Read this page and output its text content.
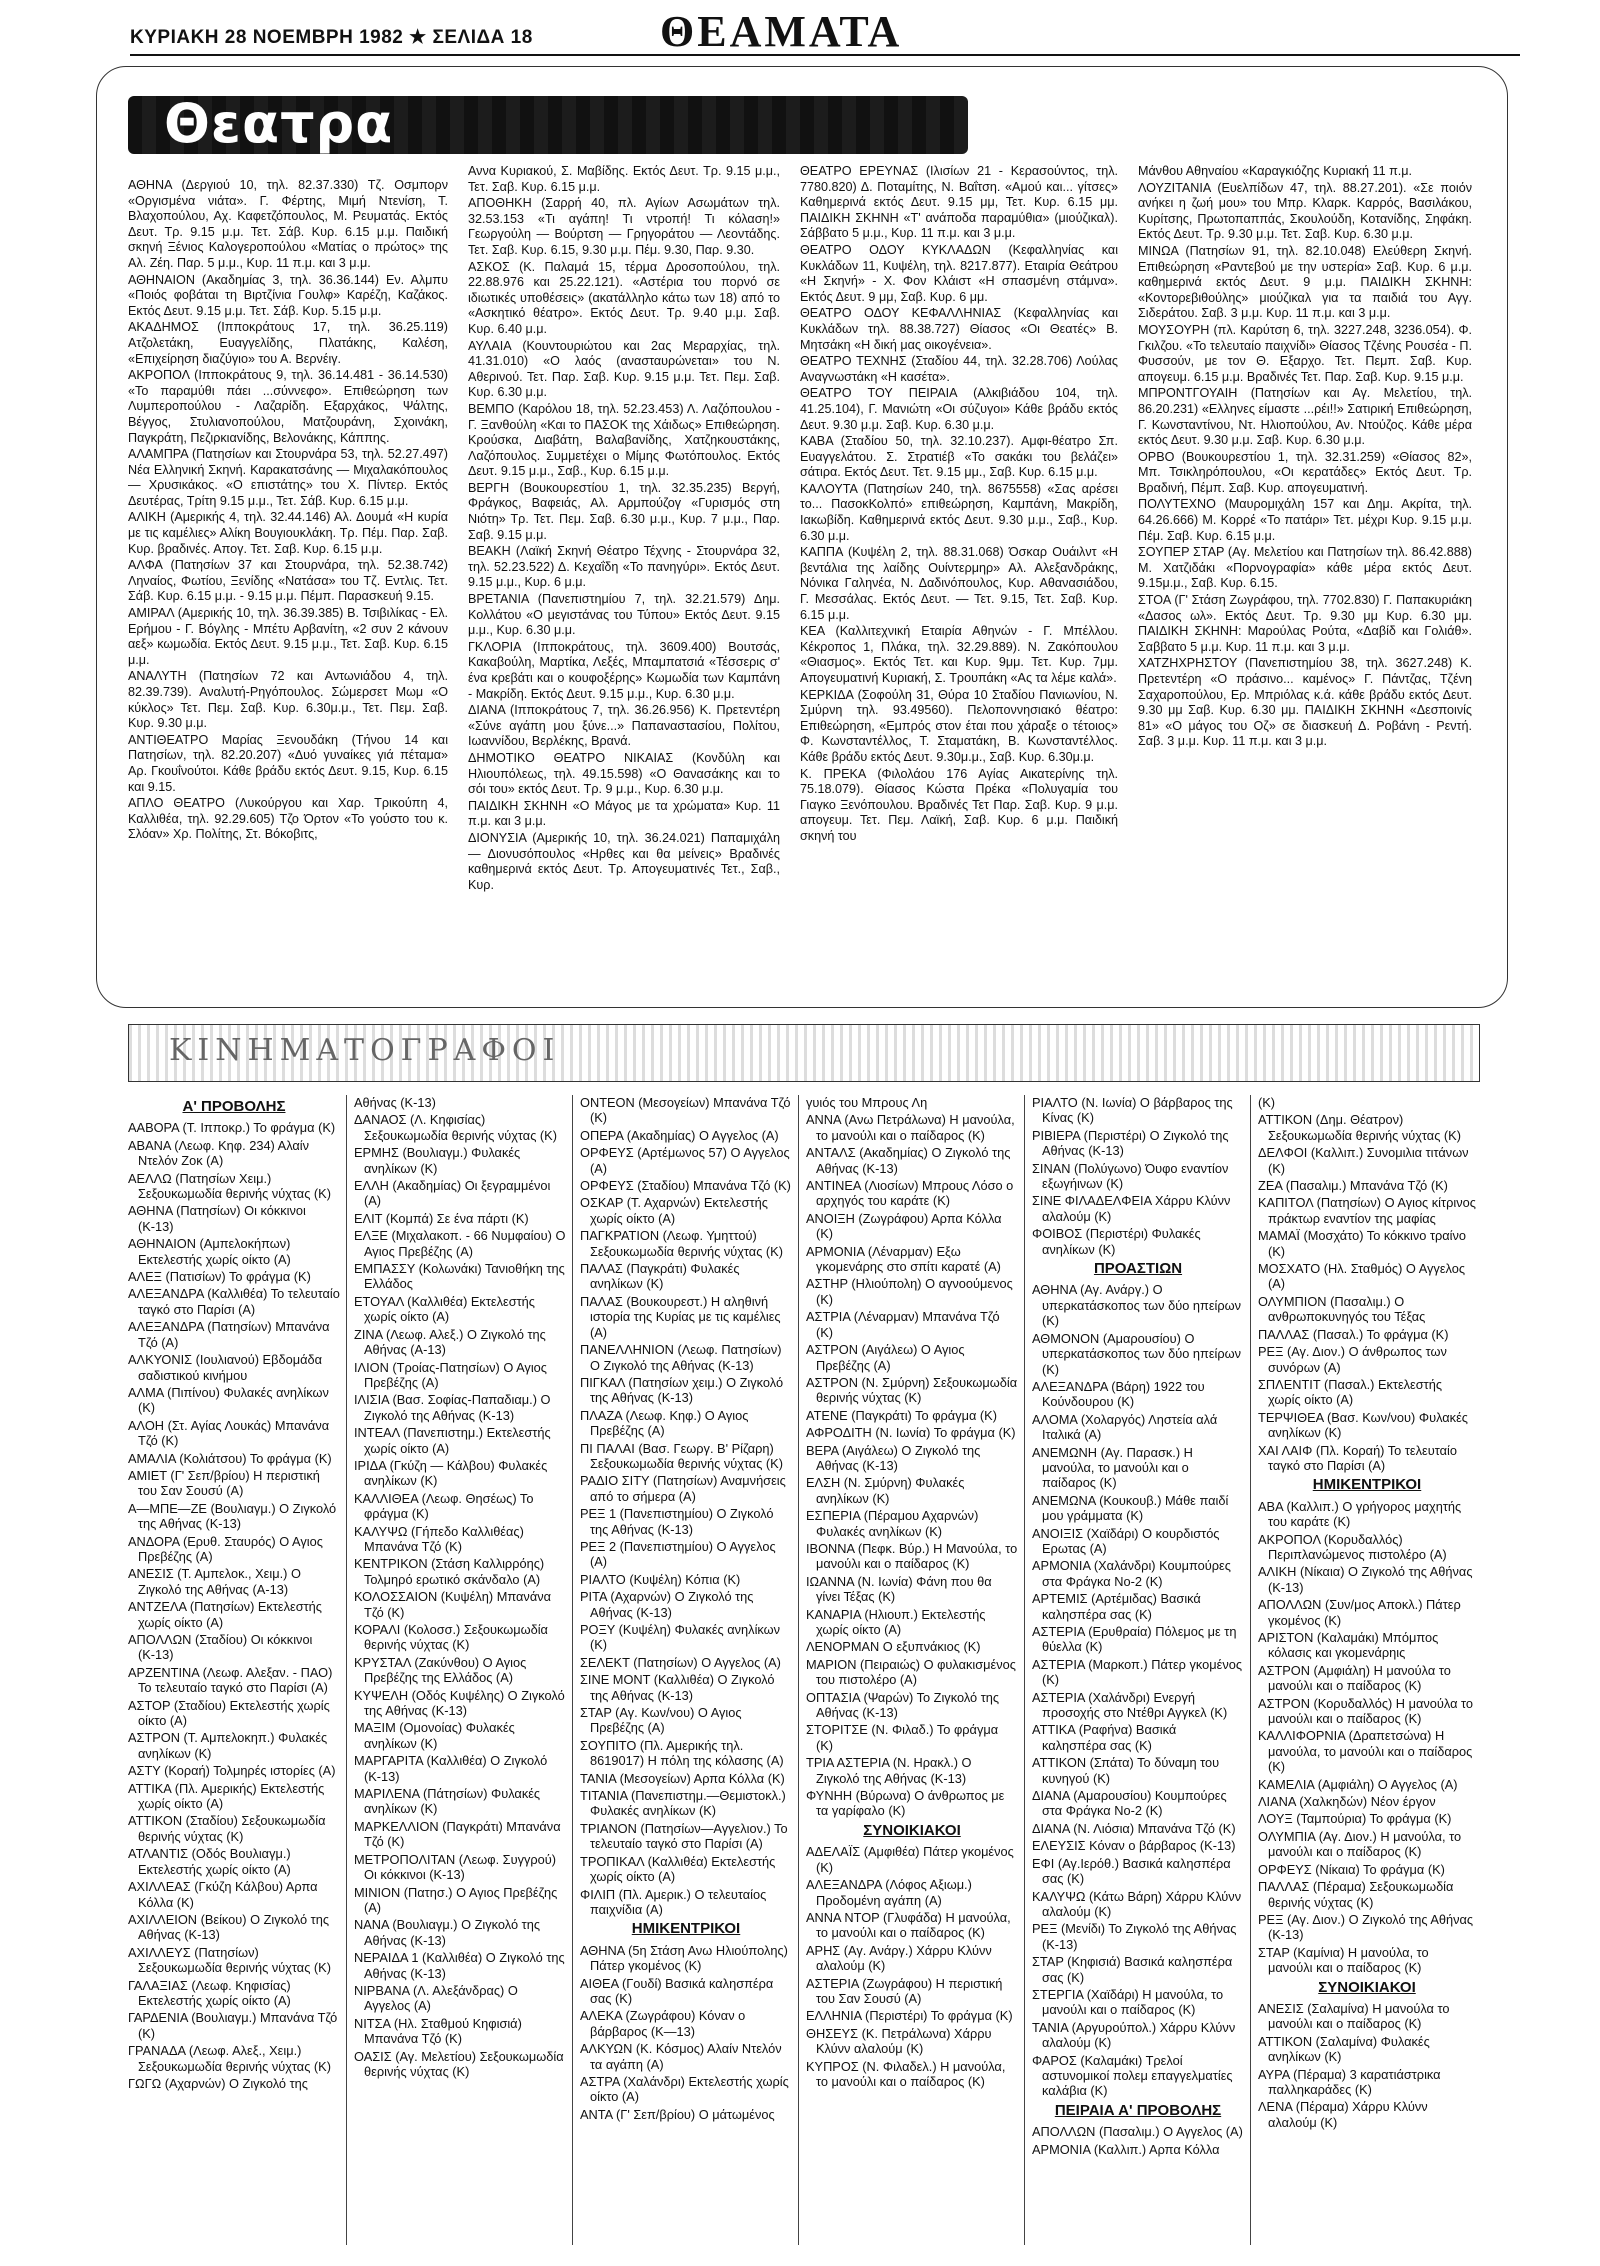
ΚΥΡΙΑΚΗ 28 ΝΟΕΜΒΡΗ 1982 ★ ΣΕΛΙΔΑ 18	ΘΕΑΜΑΤΑ
Θεατρα

ΑΘΗΝΑ (Δεργιού 10, τηλ. 82.37.330) Τζ. Οσμπορν «Οργισμένα νιάτα». Γ. Φέρτης, Μιμή Ντενίση, Τ. Βλαχοπούλου, Αχ. Καφετζόπουλος, Μ. Ρευματάς. Εκτός Δευτ. Τρ. 9.15 μ.μ. Τετ. Σάβ. Κυρ. 6.15 μ.μ. Παιδική σκηνή Ξένιος Καλογεροπούλου «Ματίας ο πρώτος» της Αλ. Ζέη. Παρ. 5 μ.μ., Κυρ. 11 π.μ. και 3 μ.μ.

ΑΘΗΝΑΙΟΝ (Ακαδημίας 3, τηλ. 36.36.144) Εν. Αλμπυ «Ποιός φοβάται τη Βιρτζίνια Γουλφ» Καρέζη, Καζάκος. Εκτός Δευτ. 9.15 μ.μ. Τετ. Σάβ. Κυρ. 5.15 μ.μ.

ΑΚΑΔΗΜΟΣ (Ιπποκράτους 17, τηλ. 36.25.119) Ατζολετάκη, Ευαγγελίδης, Πλατάκης, Καλέση, «Επιχείρηση διαζύγιο» του Α. Βερνέιγ.

ΑΚΡΟΠΟΛ (Ιπποκράτους 9, τηλ. 36.14.481 - 36.14.530) «Το παραμύθι πάει ...σύννεφο». Επιθεώρηση των Λυμπεροπούλου - Λαζαρίδη. Εξαρχάκος, Ψάλτης, Βέγγος, Στυλιανοπούλου, Ματζουράνη, Σχοινάκη, Παγκράτη, Πεζιρκιανίδης, Βελονάκης, Κάππης.

ΑΛΑΜΠΡΑ (Πατησίων και Στουρνάρα 53, τηλ. 52.27.497) Νέα Ελληνική Σκηνή. Καρακατσάνης — Μιχαλακόπουλος — Χρυσικάκος. «Ο επιστάτης» του Χ. Πίντερ. Εκτός Δευτέρας, Τρίτη 9.15 μ.μ., Τετ. Σάβ. Κυρ. 6.15 μ.μ.

ΑΛΙΚΗ (Αμερικής 4, τηλ. 32.44.146) Αλ. Δουμά «Η κυρία με τις καμέλιες» Αλίκη Βουγιουκλάκη. Τρ. Πέμ. Παρ. Σαβ. Κυρ. βραδινές. Απογ. Τετ. Σαβ. Κυρ. 6.15 μ.μ.

ΑΛΦΑ (Πατησίων 37 και Στουρνάρα, τηλ. 52.38.742) Ληναίος, Φωτίου, Ξενίδης «Νατάσα» του Τζ. Εντλις. Τετ. Σάβ. Κυρ. 6.15 μ.μ. - 9.15 μ.μ. Πέμπ. Παρασκευή 9.15.

ΑΜΙΡΑΛ (Αμερικής 10, τηλ. 36.39.385) Β. Τσιβιλίκας - Ελ. Ερήμου - Γ. Βόγλης - Μπέτυ Αρβανίτη, «2 συν 2 κάνουν αεξ» κωμωδία. Εκτός Δευτ. 9.15 μ.μ., Τετ. Σαβ. Κυρ. 6.15 μ.μ.

ΑΝΑΛΥΤΗ (Πατησίων 72 και Αντωνιάδου 4, τηλ. 82.39.739). Αναλυτή-Ρηγόπουλος. Σώμερσετ Μωμ «Ο κύκλος» Τετ. Πεμ. Σαβ. Κυρ. 6.30μ.μ., Τετ. Πεμ. Σαβ. Κυρ. 9.30 μ.μ.

ΑΝΤΙΘΕΑΤΡΟ Μαρίας Ξενουδάκη (Τήνου 14 και Πατησίων, τηλ. 82.20.207) «Δυό γυναίκες γιά πέταμα» Αρ. Γκουΐνούτοι. Κάθε βράδυ εκτός Δευτ. 9.15, Κυρ. 6.15 και 9.15.

ΑΠΛΟ ΘΕΑΤΡΟ (Λυκούργου και Χαρ. Τρικούπη 4, Καλλιθέα, τηλ. 92.29.605) Τζο Όρτον «Το γούστο του κ. Σλόαν» Χρ. Πολίτης, Στ. Βόκοβιτς,

Αννα Κυριακού, Σ. Μαβίδης. Εκτός Δευτ. Τρ. 9.15 μ.μ., Τετ. Σαβ. Κυρ. 6.15 μ.μ.

ΑΠΟΘΗΚΗ (Σαρρή 40, πλ. Αγίων Ασωμάτων τηλ. 32.53.153 «Τι αγάπη! Τι ντροπή! Τι κόλαση!» Γεωργούλη — Βούρτση — Γρηγοράτου — Λεοντάδης. Τετ. Σαβ. Κυρ. 6.15, 9.30 μ.μ. Πέμ. 9.30, Παρ. 9.30.

ΑΣΚΟΣ (Κ. Παλαμά 15, τέρμα Δροσοπούλου, τηλ. 22.88.976 και 25.22.121). «Αστέρια του πορνό σε ιδιωτικές υποθέσεις» (ακατάλληλο κάτω των 18) από το «Ασκητικό θέατρο». Εκτός Δευτ. Τρ. 9.40 μ.μ. Σαβ. Κυρ. 6.40 μ.μ.

ΑΥΛΑΙΑ (Κουντουριώτου και 2ας Μεραρχίας, τηλ. 41.31.010) «Ο λαός (ανασταυρώνεται» του Ν. Αθερινού. Τετ. Παρ. Σαβ. Κυρ. 9.15 μ.μ. Τετ. Πεμ. Σαβ. Κυρ. 6.30 μ.μ.

ΒΕΜΠΟ (Καρόλου 18, τηλ. 52.23.453) Λ. Λαζόπουλου - Γ. Ξανθούλη «Και το ΠΑΣΟΚ της Χάιδως» Επιθεώρηση. Κρούσκα, Διαβάτη, Βαλαβανίδης, Χατζηκουστάκης, Λαζόπουλος. Συμμετέχει ο Μίμης Φωτόπουλος. Εκτός Δευτ. 9.15 μ.μ., Σαβ., Κυρ. 6.15 μ.μ.

ΒΕΡΓΗ (Βουκουρεστίου 1, τηλ. 32.35.235) Βεργή, Φράγκος, Βαφειάς, Αλ. Αρμπούζογ «Γυρισμός στη Νιότη» Τρ. Τετ. Πεμ. Σαβ. 6.30 μ.μ., Κυρ. 7 μ.μ., Παρ. Σαβ. 9.15 μ.μ.

ΒΕΑΚΗ (Λαϊκή Σκηνή Θέατρο Τέχνης - Στουρνάρα 32, τηλ. 52.23.522) Δ. Κεχαΐδη «Το πανηγύρι». Εκτός Δευτ. 9.15 μ.μ., Κυρ. 6 μ.μ.

ΒΡΕΤΑΝΙΑ (Πανεπιστημίου 7, τηλ. 32.21.579) Δημ. Κολλάτου «Ο μεγιστάνας του Τύπου» Εκτός Δευτ. 9.15 μ.μ., Κυρ. 6.30 μ.μ.

ΓΚΛΟΡΙΑ (Ιπποκράτους, τηλ. 3609.400) Βουτσάς, Κακαβούλη, Μαρτίκα, Λεξές, Μπαμπατσιά «Τέσσερις σ' ένα κρεβάτι και ο κουφοξέρης» Κωμωδία των Καμπάνη - Μακρίδη. Εκτός Δευτ. 9.15 μ.μ., Κυρ. 6.30 μ.μ.

ΔΙΑΝΑ (Ιπποκράτους 7, τηλ. 36.26.956) Κ. Πρετεντέρη «Σύνε αγάπη μου ξύνε...» Παπαναστασίου, Πολίτου, Ιωαννίδου, Βερλέκης, Βρανά.

ΔΗΜΟΤΙΚΟ ΘΕΑΤΡΟ ΝΙΚΑΙΑΣ (Κονδύλη και Ηλιουπόλεως, τηλ. 49.15.598) «Ο Θανασάκης και το σόι του» εκτός Δευτ. Τρ. 9 μ.μ., Κυρ. 6.30 μ.μ.

ΠΑΙΔΙΚΗ ΣΚΗΝΗ «Ο Μάγος με τα χρώματα» Κυρ. 11 π.μ. και 3 μ.μ.

ΔΙΟΝΥΣΙΑ (Αμερικής 10, τηλ. 36.24.021) Παπαμιχάλη — Διονυσόπουλος «Ηρθες και θα μείνεις» Βραδινές καθημερινά εκτός Δευτ. Τρ. Απογευματινές Τετ., Σαβ., Κυρ.

ΘΕΑΤΡΟ ΕΡΕΥΝΑΣ (Ιλισίων 21 - Κερασούντος, τηλ. 7780.820) Δ. Ποταμίτης, Ν. Βαΐτση. «Αμού και... γίτσες» Καθημερινά εκτός Δευτ. 9.15 μμ, Τετ. Κυρ. 6.15 μμ. ΠΑΙΔΙΚΗ ΣΚΗΝΗ «Τ' ανάποδα παραμύθια» (μιούζικαλ). Σάββατο 5 μ.μ., Κυρ. 11 π.μ. και 3 μ.μ.

ΘΕΑΤΡΟ ΟΔΟΥ ΚΥΚΛΑΔΩΝ (Κεφαλληνίας και Κυκλάδων 11, Κυψέλη, τηλ. 8217.877). Εταιρία Θεάτρου «Η Σκηνή» - Χ. Φον Κλάιστ «Η σπασμένη στάμνα». Εκτός Δευτ. 9 μμ, Σαβ. Κυρ. 6 μμ.

ΘΕΑΤΡΟ ΟΔΟΥ ΚΕΦΑΛΛΗΝΙΑΣ (Κεφαλληνίας και Κυκλάδων τηλ. 88.38.727) Θίασος «Οι Θεατές» Β. Μητσάκη «Η δική μας οικογένεια».

ΘΕΑΤΡΟ ΤΕΧΝΗΣ (Σταδίου 44, τηλ. 32.28.706) Λούλας Αναγνωστάκη «Η κασέτα».

ΘΕΑΤΡΟ ΤΟΥ ΠΕΙΡΑΙΑ (Αλκιβιάδου 104, τηλ. 41.25.104), Γ. Μανιώτη «Οι σύζυγοι» Κάθε βράδυ εκτός Δευτ. 9.30 μ.μ. Σαβ. Κυρ. 6.30 μ.μ.

ΚΑΒΑ (Σταδίου 50, τηλ. 32.10.237). Αμφι-θέατρο Σπ. Ευαγγελάτου. Σ. Στρατιέβ «Το σακάκι του βελάζει» σάτιρα. Εκτός Δευτ. Τετ. 9.15 μμ., Σαβ. Κυρ. 6.15 μ.μ.

ΚΑΛΟΥΤΑ (Πατησίων 240, τηλ. 8675558) «Σας αρέσει το... ΠασοκΚολπό» επιθεώρηση, Καμπάνη, Μακρίδη, Ιακωβίδη. Καθημερινά εκτός Δευτ. 9.30 μ.μ., Σαβ., Κυρ. 6.30 μ.μ.

ΚΑΠΠΑ (Κυψέλη 2, τηλ. 88.31.068) Όσκαρ Ουάιλντ «Η βεντάλια της λαίδης Ουίντερμηρ» Αλ. Αλεξανδράκης, Νόνικα Γαληνέα, Ν. Δαδινόπουλος, Κυρ. Αθανασιάδου, Γ. Μεσσάλας. Εκτός Δευτ. — Τετ. 9.15, Τετ. Σαβ. Κυρ. 6.15 μ.μ.

ΚΕΑ (Καλλιτεχνική Εταιρία Αθηνών - Γ. Μπέλλου. Κέκροπος 1, Πλάκα, τηλ. 32.29.889). Ν. Ζακόπουλου «Θιασμος». Εκτός Τετ. και Κυρ. 9μμ. Τετ. Κυρ. 7μμ. Απογευματινή Κυριακή, Σ. Τρουπάκη «Ας τα λέμε καλά».

ΚΕΡΚΙΔΑ (Σοφούλη 31, Θύρα 10 Σταδίου Πανιωνίου, Ν. Σμύρνη τηλ. 93.49560). Πελοποννησιακό θέατρο: Επιθεώρηση, «Εμπρός στον έται που χάραξε ο τέτοιος» Φ. Κωνσταντέλλος, Τ. Σταματάκη, Β. Κωνσταντέλλος. Κάθε βράδυ εκτός Δευτ. 9.30μ.μ., Σαβ. Κυρ. 6.30μ.μ.

Κ. ΠΡΕΚΑ (Φιλολάου 176 Αγίας Αικατερίνης τηλ. 75.18.079). Θίασος Κώστα Πρέκα «Πολυγαμία του Γιαγκο Ξενόπουλου. Βραδινές Τετ Παρ. Σαβ. Κυρ. 9 μ.μ. απογευμ. Τετ. Πεμ. Λαϊκή, Σαβ. Κυρ. 6 μ.μ. Παιδική σκηνή του

Μάνθου Αθηναίου «Καραγκιόζης Κυριακή 11 π.μ.

ΛΟΥΖΙΤΑΝΙΑ (Ευελπίδων 47, τηλ. 88.27.201). «Σε ποιόν ανήκει η ζωή μου» του Μπρ. Κλαρκ. Καρρός, Βασιλάκου, Κυρίτσης, Πρωτοπαππάς, Σκουλούδη, Κοτανίδης, Σηφάκη. Εκτός Δευτ. Τρ. 9.30 μ.μ. Τετ. Σαβ. Κυρ. 6.30 μ.μ.

ΜΙΝΩΑ (Πατησίων 91, τηλ. 82.10.048) Ελεύθερη Σκηνή. Επιθεώρηση «Ραντεβού με την υστερία» Σαβ. Κυρ. 6 μ.μ. καθημερινά εκτός Δευτ. 9 μ.μ. ΠΑΙΔΙΚΗ ΣΚΗΝΗ: «Κοντορεβιθούλης» μιούζικαλ για τα παιδιά του Αγγ. Σιδεράτου. Σαβ. 3 μ.μ. Κυρ. 11 π.μ. και 3 μ.μ.

ΜΟΥΣΟΥΡΗ (πλ. Καρύτση 6, τηλ. 3227.248, 3236.054). Φ. Γκιλζου. «Το τελευταίο παιχνίδι» Θίασος Τζένης Ρουσέα - Π. Φυσσούν, με τον Θ. Εξαρχο. Τετ. Πεμπ. Σαβ. Κυρ. απογευμ. 6.15 μ.μ. Βραδινές Τετ. Παρ. Σαβ. Κυρ. 9.15 μ.μ.

ΜΠΡΟΝΤΓΟΥΑΙΗ (Πατησίων και Αγ. Μελετίου, τηλ. 86.20.231) «Ελληνες είμαστε ...ρέι!!» Σατιρική Επιθεώρηση, Γ. Κωνσταντίνου, Ντ. Ηλιοπούλου, Αν. Ντούζος. Κάθε μέρα εκτός Δευτ. 9.30 μ.μ. Σαβ. Κυρ. 6.30 μ.μ.

ΟΡΒΟ (Βουκουρεστίου 1, τηλ. 32.31.259) «Θίασος 82», Μπ. Τσικληρόπουλου, «Οι κερατάδες» Εκτός Δευτ. Τρ. Βραδινή, Πέμπ. Σαβ. Κυρ. απογευματινή.

ΠΟΛΥΤΕΧΝΟ (Μαυρομιχάλη 157 και Δημ. Ακρίτα, τηλ. 64.26.666) Μ. Κορρέ «Το πατάρι» Τετ. μέχρι Κυρ. 9.15 μ.μ. Πέμ. Σαβ. Κυρ. 6.15 μ.μ.

ΣΟΥΠΕΡ ΣΤΑΡ (Αγ. Μελετίου και Πατησίων τηλ. 86.42.888) Μ. Χατζιδάκι «Πορνογραφία» κάθε μέρα εκτός Δευτ. 9.15μ.μ., Σαβ. Κυρ. 6.15.

ΣΤΟΑ (Γ' Στάση Ζωγράφου, τηλ. 7702.830) Γ. Παπακυριάκη «Δασος ωλ». Εκτός Δευτ. Τρ. 9.30 μμ Κυρ. 6.30 μμ. ΠΑΙΔΙΚΗ ΣΚΗΝΗ: Μαρούλας Ρούτα, «Δαβίδ και Γολιάθ». Σαββατο 5 μ.μ. Κυρ. 11 π.μ. και 3 μ.μ.

ΧΑΤΖΗΧΡΗΣΤΟΥ (Πανεπιστημίου 38, τηλ. 3627.248) Κ. Πρετεντέρη «Ο πράσινο... καμένος» Γ. Πάντζας, Τζένη Σαχαροπούλου, Ερ. Μπριόλας κ.ά. κάθε βράδυ εκτός Δευτ. 9.30 μμ Σαβ. Κυρ. 6.30 μμ. ΠΑΙΔΙΚΗ ΣΚΗΝΗ «Δεσποινίς 81» «Ο μάγος του Οζ» σε διασκευή Δ. Ροβάνη - Ρεντή. Σαβ. 3 μ.μ. Κυρ. 11 π.μ. και 3 μ.μ.

ΚΙΝΗΜΑΤΟΓΡΑΦΟΙ

Α' ΠΡΟΒΟΛΗΣ

ΑΑΒΟΡΑ (Τ. Ιπποκρ.) Το φράγμα (Κ)

ΑΒΑΝΑ (Λεωφ. Κηφ. 234) Αλαίν Ντελόν Ζοκ (Α)

ΑΕΛΛΩ (Πατησίων Χειμ.) Σεξουκωμωδία θερινής νύχτας (Κ)

ΑΘΗΝΑ (Πατησίων) Οι κόκκινοι (Κ-13)

ΑΘΗΝΑΙΟΝ (Αμπελοκήπων) Εκτελεστής χωρίς οίκτο (Α)

ΑΛΕΞ (Πατισίων) Το φράγμα (Κ)

ΑΛΕΞΑΝΔΡΑ (Καλλιθέα) Το τελευταίο ταγκό στο Παρίσι (Α)

ΑΛΕΞΑΝΔΡΑ (Πατησίων) Μπανάνα Τζό (Α)

ΑΛΚΥΟΝΙΣ (Ιουλιανού) Εβδομάδα σαδιστικού κινήμου

ΑΛΜΑ (Πιπίνου) Φυλακές ανηλίκων (Κ)

ΑΛΟΗ (Στ. Αγίας Λουκάς) Μπανάνα Τζό (Κ)

ΑΜΑΛΙΑ (Κολιάτσου) Το φράγμα (Κ)

ΑΜΙΕΤ (Γ' Σεπ/βρίου) Η περιστική του Σαν Σουσύ (Α)

Α—ΜΠΕ—ΖΕ (Βουλιαγμ.) Ο Ζιγκολό της Αθήνας (Κ-13)

ΑΝΔΟΡΑ (Ερυθ. Σταυρός) Ο Αγιος Πρεβέζης (Α)

ΑΝΕΣΙΣ (Τ. Αμπελοκ., Χειμ.) Ο Ζιγκολό της Αθήνας (Α-13)

ΑΝΤΖΕΛΑ (Πατησίων) Εκτελεστής χωρίς οίκτο (Α)

ΑΠΟΛΛΩΝ (Σταδίου) Οι κόκκινοι (Κ-13)

ΑΡΖΕΝΤΙΝΑ (Λεωφ. Αλεξαν. - ΠΑΟ) Το τελευταίο ταγκό στο Παρίσι (Α)

ΑΣΤΟΡ (Σταδίου) Εκτελεστής χωρίς οίκτο (Α)

ΑΣΤΡΟΝ (Τ. Αμπελοκηπ.) Φυλακές ανηλίκων (Κ)

ΑΣΤΥ (Κοραή) Τολμηρές ιστορίες (Α)

ΑΤΤΙΚΑ (Πλ. Αμερικής) Εκτελεστής χωρίς οίκτο (Α)

ΑΤΤΙΚΟΝ (Σταδίου) Σεξουκωμωδία θερινής νύχτας (Κ)

ΑΤΛΑΝΤΙΣ (Οδός Βουλιαγμ.) Εκτελεστής χωρίς οίκτο (Α)

ΑΧΙΛΛΕΑΣ (Γκύζη Κάλβου) Αρπα Κόλλα (Κ)

ΑΧΙΛΛΕΙΟΝ (Βείκου) Ο Ζιγκολό της Αθήνας (Κ-13)

ΑΧΙΛΛΕΥΣ (Πατησίων) Σεξουκωμωδία θερινής νύχτας (Κ)

ΓΑΛΑΞΙΑΣ (Λεωφ. Κηφισίας) Εκτελεστής χωρίς οίκτο (Α)

ΓΑΡΔΕΝΙΑ (Βουλιαγμ.) Μπανάνα Τζό (Κ)

ΓΡΑΝΑΔΑ (Λεωφ. Αλεξ., Χειμ.) Σεξουκωμωδία θερινής νύχτας (Κ)

ΓΩΓΩ (Αχαρνών) Ο Ζιγκολό της

Αθήνας (Κ-13)

ΔΑΝΑΟΣ (Λ. Κηφισίας) Σεξουκωμωδία θερινής νύχτας (Κ)

ΕΡΜΗΣ (Βουλιαγμ.) Φυλακές ανηλίκων (Κ)

ΕΛΛΗ (Ακαδημίας) Οι ξεγραμμένοι (Α)

ΕΛΙΤ (Κομπά) Σε ένα πάρτι (Κ)

ΕΛΞΕ (Μιχαλακοπ. - 66 Νυμφαίου) Ο Αγιος Πρεβέζης (Α)

ΕΜΠΑΣΣΥ (Κολωνάκι) Τανιοθήκη της Ελλάδος

ΕΤΟΥΑΛ (Καλλιθέα) Εκτελεστής χωρίς οίκτο (Α)

ΖΙΝΑ (Λεωφ. Αλεξ.) Ο Ζιγκολό της Αθήνας (Α-13)

ΙΛΙΟΝ (Τροίας-Πατησίων) Ο Αγιος Πρεβέζης (Α)

ΙΛΙΣΙΑ (Βασ. Σοφίας-Παπαδιαμ.) Ο Ζιγκολό της Αθήνας (Κ-13)

ΙΝΤΕΑΛ (Πανεπιστημ.) Εκτελεστής χωρίς οίκτο (Α)

ΙΡΙΔΑ (Γκύζη — Κάλβου) Φυλακές ανηλίκων (Κ)

ΚΑΛΛΙΘΕΑ (Λεωφ. Θησέως) Το φράγμα (Κ)

ΚΑΛΥΨΩ (Γήπεδο Καλλιθέας) Μπανάνα Τζό (Κ)

ΚΕΝΤΡΙΚΟΝ (Στάση Καλλιρρόης) Τολμηρό ερωτικό σκάνδαλο (Α)

ΚΟΛΟΣΣΑΙΟΝ (Κυψέλη) Μπανάνα Τζό (Κ)

ΚΟΡΑΛΙ (Κολοσσ.) Σεξουκωμωδία θερινής νύχτας (Κ)

ΚΡΥΣΤΑΛ (Ζακύνθου) Ο Αγιος Πρεβέζης της Ελλάδος (Α)

ΚΥΨΕΛΗ (Οδός Κυψέλης) Ο Ζιγκολό της Αθήνας (Κ-13)

ΜΑΞΙΜ (Ομονοίας) Φυλακές ανηλίκων (Κ)

ΜΑΡΓΑΡΙΤΑ (Καλλιθέα) Ο Ζιγκολό (Κ-13)

ΜΑΡΙΛΕΝΑ (Πάτησίων) Φυλακές ανηλίκων (Κ)

ΜΑΡΚΕΛΛΙΟΝ (Παγκράτι) Μπανάνα Τζό (Κ)

ΜΕΤΡΟΠΟΛΙΤΑΝ (Λεωφ. Συγγρού) Οι κόκκινοι (Κ-13)

ΜΙΝΙΟΝ (Πατησ.) Ο Αγιος Πρεβέζης (Α)

ΝΑΝΑ (Βουλιαγμ.) Ο Ζιγκολό της Αθήνας (Κ-13)

ΝΕΡΑΙΔΑ 1 (Καλλιθέα) Ο Ζιγκολό της Αθήνας (Κ-13)

ΝΙΡΒΑΝΑ (Λ. Αλεξάνδρας) Ο Αγγελος (Α)

ΝΙΤΣΑ (Ηλ. Σταθμού Κηφισιά) Μπανάνα Τζό (Κ)

ΟΑΣΙΣ (Αγ. Μελετίου) Σεξουκωμωδία θερινής νύχτας (Κ)

ΟΝΤΕΟΝ (Μεσογείων) Μπανάνα Τζό (Κ)

ΟΠΕΡΑ (Ακαδημίας) Ο Αγγελος (Α)

ΟΡΦΕΥΣ (Αρτέμωνος 57) Ο Αγγελος (Α)

ΟΡΦΕΥΣ (Σταδίου) Μπανάνα Τζό (Κ)

ΟΣΚΑΡ (Τ. Αχαρνών) Εκτελεστής χωρίς οίκτο (Α)

ΠΑΓΚΡΑΤΙΟΝ (Λεωφ. Υμηττού) Σεξουκωμωδία θερινής νύχτας (Κ)

ΠΑΛΑΣ (Παγκράτι) Φυλακές ανηλίκων (Κ)

ΠΑΛΑΣ (Βουκουρεστ.) Η αληθινή ιστορία της Κυρίας με τις καμέλιες (Α)

ΠΑΝΕΛΛΗΝΙΟΝ (Λεωφ. Πατησίων) Ο Ζιγκολό της Αθήνας (Κ-13)

ΠΙΓΚΑΛ (Πατησίων χειμ.) Ο Ζιγκολό της Αθήνας (Κ-13)

ΠΛΑΖΑ (Λεωφ. Κηφ.) Ο Αγιος Πρεβέζης (Α)

ΠΙ ΠΑΛΑΙ (Βασ. Γεωργ. Β' Ρίζαρη) Σεξουκωμωδία θερινής νύχτας (Κ)

ΡΑΔΙΟ ΣΙΤΥ (Πατησίων) Αναμνήσεις από το σήμερα (Α)

ΡΕΞ 1 (Πανεπιστημίου) Ο Ζιγκολό της Αθήνας (Κ-13)

ΡΕΞ 2 (Πανεπιστημίου) Ο Αγγελος (Α)

ΡΙΑΛΤΟ (Κυψέλη) Κόπια (Κ)

ΡΙΤΑ (Αχαρνών) Ο Ζιγκολό της Αθήνας (Κ-13)

ΡΟΞΥ (Κυψέλη) Φυλακές ανηλίκων (Κ)

ΣΕΛΕΚΤ (Πατησίων) Ο Αγγελος (Α)

ΣΙΝΕ ΜΟΝΤ (Καλλιθέα) Ο Ζιγκολό της Αθήνας (Κ-13)

ΣΤΑΡ (Αγ. Κων/νου) Ο Αγιος Πρεβέζης (Α)

ΣΟΥΠΙΤΟ (Πλ. Αμερικής τηλ. 8619017) Η πόλη της κόλασης (Α)

ΤΑΝΙΑ (Μεσογείων) Αρπα Κόλλα (Κ)

ΤΙΤΑΝΙΑ (Πανεπιστημ.—Θεμιστοκλ.) Φυλακές ανηλίκων (Κ)

ΤΡΙΑΝΟΝ (Πατησίων—Αγγελιον.) Το τελευταίο ταγκό στο Παρίσι (Α)

ΤΡΟΠΙΚΑΛ (Καλλιθέα) Εκτελεστής χωρίς οίκτο (Α)

ΦΙΛΙΠ (Πλ. Αμερικ.) Ο τελευταίος παιχνίδια (Α)

ΗΜΙΚΕΝΤΡΙΚΟΙ

ΑΘΗΝΑ (5η Στάση Ανω Ηλιούπολης) Πάτερ γκομένος (Κ)

ΑΙΘΕΑ (Γουδί) Βασικά καλησπέρα σας (Κ)

ΑΛΕΚΑ (Ζωγράφου) Κόναν ο βάρβαρος (Κ—13)

ΑΛΚΥΩΝ (Κ. Κόσμος) Αλαίν Ντελόν τα αγάπη (Α)

ΑΣΤΡΑ (Χαλάνδρι) Εκτελεστής χωρίς οίκτο (Α)

ΑΝΤΑ (Γ' Σεπ/βρίου) Ο μάτωμένος

γυιός του Μπρους Λη

ΑΝΝΑ (Ανω Πετράλωνα) Η μανούλα, το μανούλι και ο παίδαρος (Κ)

ΑΝΤΑΛΣ (Ακαδημίας) Ο Ζιγκολό της Αθήνας (Κ-13)

ΑΝΤΙΝΕΑ (Λιοσίων) Μπρους Λόσο ο αρχηγός του καράτε (Κ)

ΑΝΟΙΞΗ (Ζωγράφου) Αρπα Κόλλα (Κ)

ΑΡΜΟΝΙΑ (Λέναρμαν) Εξω γκομενάρης στο σπίτι καρατέ (Α)

ΑΣΤΗΡ (Ηλιούπολη) Ο αγνοούμενος (Κ)

ΑΣΤΡΙΑ (Λέναρμαν) Μπανάνα Τζό (Κ)

ΑΣΤΡΟΝ (Αιγάλεω) Ο Αγιος Πρεβέζης (Α)

ΑΣΤΡΟΝ (Ν. Σμύρνη) Σεξουκωμωδία θερινής νύχτας (Κ)

ΑΤΕΝΕ (Παγκράτι) Το φράγμα (Κ)

ΑΦΡΟΔΙΤΗ (Ν. Ιωνία) Το φράγμα (Κ)

ΒΕΡΑ (Αιγάλεω) Ο Ζιγκολό της Αθήνας (Κ-13)

ΕΛΣΗ (Ν. Σμύρνη) Φυλακές ανηλίκων (Κ)

ΕΣΠΕΡΙΑ (Πέραμου Αχαρνών) Φυλακές ανηλίκων (Κ)

ΙΒΟΝΝΑ (Πεφκ. Βύρ.) Η Μανούλα, το μανούλι και ο παίδαρος (Κ)

ΙΩΑΝΝΑ (Ν. Ιωνία) Φάνη που θα γίνει Τέξας (Κ)

ΚΑΝΑΡΙΑ (Ηλιουπ.) Εκτελεστής χωρίς οίκτο (Α)

ΛΕΝΟΡΜΑΝ Ο εξυπνάκιος (Κ)

ΜΑΡΙΟΝ (Πειραιώς) Ο φυλακισμένος του πιστολέρο (Α)

ΟΠΤΑΣΙΑ (Ψαρών) Το Ζιγκολό της Αθήνας (Κ-13)

ΣΤΟΡΙΤΣΕ (Ν. Φιλαδ.) Το φράγμα (Κ)

ΤΡΙΑ ΑΣΤΕΡΙΑ (Ν. Ηρακλ.) Ο Ζιγκολό της Αθήνας (Κ-13)

ΦΥΝΗΗ (Βύρωνα) Ο άνθρωπος με τα γαρίφαλο (Κ)

ΣΥΝΟΙΚΙΑΚΟΙ

ΑΔΕΛΑΪΣ (Αμφιθέα) Πάτερ γκομένος (Κ)

ΑΛΕΞΑΝΔΡΑ (Λόφος Αξιωμ.) Προδομένη αγάπη (Α)

ΑΝΝΑ ΝΤΟΡ (Γλυφάδα) Η μανούλα, το μανούλι και ο παίδαρος (Κ)

ΑΡΗΣ (Αγ. Ανάργ.) Χάρρυ Κλύνν αλαλούμ (Κ)

ΑΣΤΕΡΙΑ (Ζωγράφου) Η περιστική του Σαν Σουσύ (Α)

ΕΛΛΗΝΙΑ (Περιστέρι) Το φράγμα (Κ)

ΘΗΣΕΥΣ (Κ. Πετράλωνα) Χάρρυ Κλύνν αλαλούμ (Κ)

ΚΥΠΡΟΣ (Ν. Φιλαδελ.) Η μανούλα, το μανούλι και ο παίδαρος (Κ)

ΡΙΑΛΤΟ (Ν. Ιωνία) Ο βάρβαρος της Κίνας (Κ)

ΡΙΒΙΕΡΑ (Περιστέρι) Ο Ζιγκολό της Αθήνας (Κ-13)

ΣΙΝΑΝ (Πολύγωνο) Όυφο εναντίον εξωγήινων (Κ)

ΣΙΝΕ ΦΙΛΑΔΕΛΦΕΙΑ Χάρρυ Κλύνν αλαλούμ (Κ)

ΦΟΙΒΟΣ (Περιστέρι) Φυλακές ανηλίκων (Κ)

ΠΡΟΑΣΤΙΩΝ

ΑΘΗΝΑ (Αγ. Ανάργ.) Ο υπερκατάσκοπος των δύο ηπείρων (Κ)

ΑΘΜΟΝΟΝ (Αμαρουσίου) Ο υπερκατάσκοπος των δύο ηπείρων (Κ)

ΑΛΕΞΑΝΔΡΑ (Βάρη) 1922 του Κούνδουρου (Κ)

ΑΛΟΜΑ (Χολαργός) Ληστεία αλά Ιταλικά (Α)

ΑΝΕΜΩΝΗ (Αγ. Παρασκ.) Η μανούλα, το μανούλι και ο παίδαρος (Κ)

ΑΝΕΜΩΝΑ (Κουκουβ.) Μάθε παιδί μου γράμματα (Κ)

ΑΝΟΙΞΙΣ (Χαϊδάρι) Ο κουρδιστός Ερωτας (Α)

ΑΡΜΟΝΙΑ (Χαλάνδρι) Κουμπούρες στα Φράγκα Νο-2 (Κ)

ΑΡΤΕΜΙΣ (Αρτέμιδας) Βασικά καλησπέρα σας (Κ)

ΑΣΤΕΡΙΑ (Ερυθραία) Πόλεμος με τη θύελλα (Κ)

ΑΣΤΕΡΙΑ (Μαρκοπ.) Πάτερ γκομένος (Κ)

ΑΣΤΕΡΙΑ (Χαλάνδρι) Ενεργή προσοχής στο Ντέθρι Αγγκελ (Κ)

ΑΤΤΙΚΑ (Ραφήνα) Βασικά καλησπέρα σας (Κ)

ΑΤΤΙΚΟΝ (Σπάτα) Το δύναμη του κυνηγού (Κ)

ΔΙΑΝΑ (Αμαρουσίου) Κουμπούρες στα Φράγκα Νο-2 (Κ)

ΔΙΑΝΑ (Ν. Λιόσια) Μπανάνα Τζό (Κ)

ΕΛΕΥΣΙΣ Κόναν ο βάρβαρος (Κ-13)

ΕΦΙ (Αγ.Ιερόθ.) Βασικά καλησπέρα σας (Κ)

ΚΑΛΥΨΩ (Κάτω Βάρη) Χάρρυ Κλύνν αλαλούμ (Κ)

ΡΕΞ (Μενίδι) Το Ζιγκολό της Αθήνας (Κ-13)

ΣΤΑΡ (Κηφισιά) Βασικά καλησπέρα σας (Κ)

ΣΤΕΡΓΙΑ (Χαϊδάρι) Η μανούλα, το μανούλι και ο παίδαρος (Κ)

ΤΑΝΙΑ (Αργυρούπολ.) Χάρρυ Κλύνν αλαλούμ (Κ)

ΦΑΡΟΣ (Καλαμάκι) Τρελοί αστυνομικοί πολεμ επαγγελματίες καλάβια (Κ)

ΠΕΙΡΑΙΑ Α' ΠΡΟΒΟΛΗΣ

ΑΠΟΛΛΩΝ (Πασαλιμ.) Ο Αγγελος (Α)

ΑΡΜΟΝΙΑ (Καλλιπ.) Αρπα Κόλλα

(Κ)

ΑΤΤΙΚΟΝ (Δημ. Θέατρον) Σεξουκωμωδία θερινής νύχτας (Κ)

ΔΕΛΦΟΙ (Καλλιπ.) Συνομιλια τιτάνων (Κ)

ΖΕΑ (Πασαλιμ.) Μπανάνα Τζό (Κ)

ΚΑΠΙΤΟΛ (Πατησίων) Ο Αγιος κίτρινος πράκτωρ εναντίον της μαφίας

ΜΑΜΑΪ (Μοσχάτο) Το κόκκινο τραίνο (Κ)

ΜΟΣΧΑΤΟ (Ηλ. Σταθμός) Ο Αγγελος (Α)

ΟΛΥΜΠΙΟΝ (Πασαλιμ.) Ο ανθρωποκυνηγός του Τέξας

ΠΑΛΛΑΣ (Πασαλ.) Το φράγμα (Κ)

ΡΕΞ (Αγ. Διον.) Ο άνθρωπος των συνόρων (Α)

ΣΠΛΕΝΤΙΤ (Πασαλ.) Εκτελεστής χωρίς οίκτο (Α)

ΤΕΡΨΙΘΕΑ (Βασ. Κων/νου) Φυλακές ανηλίκων (Κ)

ΧΑΙ ΛΑΙΦ (Πλ. Κοραή) Το τελευταίο ταγκό στο Παρίσι (Α)

ΗΜΙΚΕΝΤΡΙΚΟΙ

ΑΒΑ (Καλλιπ.) Ο γρήγορος μαχητής του καράτε (Κ)

ΑΚΡΟΠΟΛ (Κορυδαλλός) Περιπλανώμενος πιστολέρο (Α)

ΑΛΙΚΗ (Νίκαια) Ο Ζιγκολό της Αθήνας (Κ-13)

ΑΠΟΛΛΩΝ (Συν/μος Αποκλ.) Πάτερ γκομένος (Κ)

ΑΡΙΣΤΟΝ (Καλαμάκι) Μπόμπος κόλασις και γκομενάρηις

ΑΣΤΡΟΝ (Αμφιάλη) Η μανούλα το μανούλι και ο παίδαρος (Κ)

ΑΣΤΡΟΝ (Κορυδαλλός) Η μανούλα το μανούλι και ο παίδαρος (Κ)

ΚΑΛΛΙΦΟΡΝΙΑ (Δραπετσώνα) Η μανούλα, το μανούλι και ο παίδαρος (Κ)

ΚΑΜΕΛΙΑ (Αμφιάλη) Ο Αγγελος (Α)

ΛΙΑΝΑ (Χαλκηδών) Νέον έργον

ΛΟΥΞ (Ταμπούρια) Το φράγμα (Κ)

ΟΛΥΜΠΙΑ (Αγ. Διον.) Η μανούλα, το μανούλι και ο παίδαρος (Κ)

ΟΡΦΕΥΣ (Νίκαια) Το φράγμα (Κ)

ΠΑΛΛΑΣ (Πέραμα) Σεξουκωμωδία θερινής νύχτας (Κ)

ΡΕΞ (Αγ. Διον.) Ο Ζιγκολό της Αθήνας (Κ-13)

ΣΤΑΡ (Καμίνια) Η μανούλα, το μανούλι και ο παίδαρος (Κ)

ΣΥΝΟΙΚΙΑΚΟΙ

ΑΝΕΣΙΣ (Σαλαμίνα) Η μανούλα το μανούλι και ο παίδαρος (Κ)

ΑΤΤΙΚΟΝ (Σαλαμίνα) Φυλακές ανηλίκων (Κ)

ΑΥΡΑ (Πέραμα) 3 καρατιάστρικα παλληκαράδες (Κ)

ΛΕΝΑ (Πέραμα) Χάρρυ Κλύνν αλαλούμ (Κ)
